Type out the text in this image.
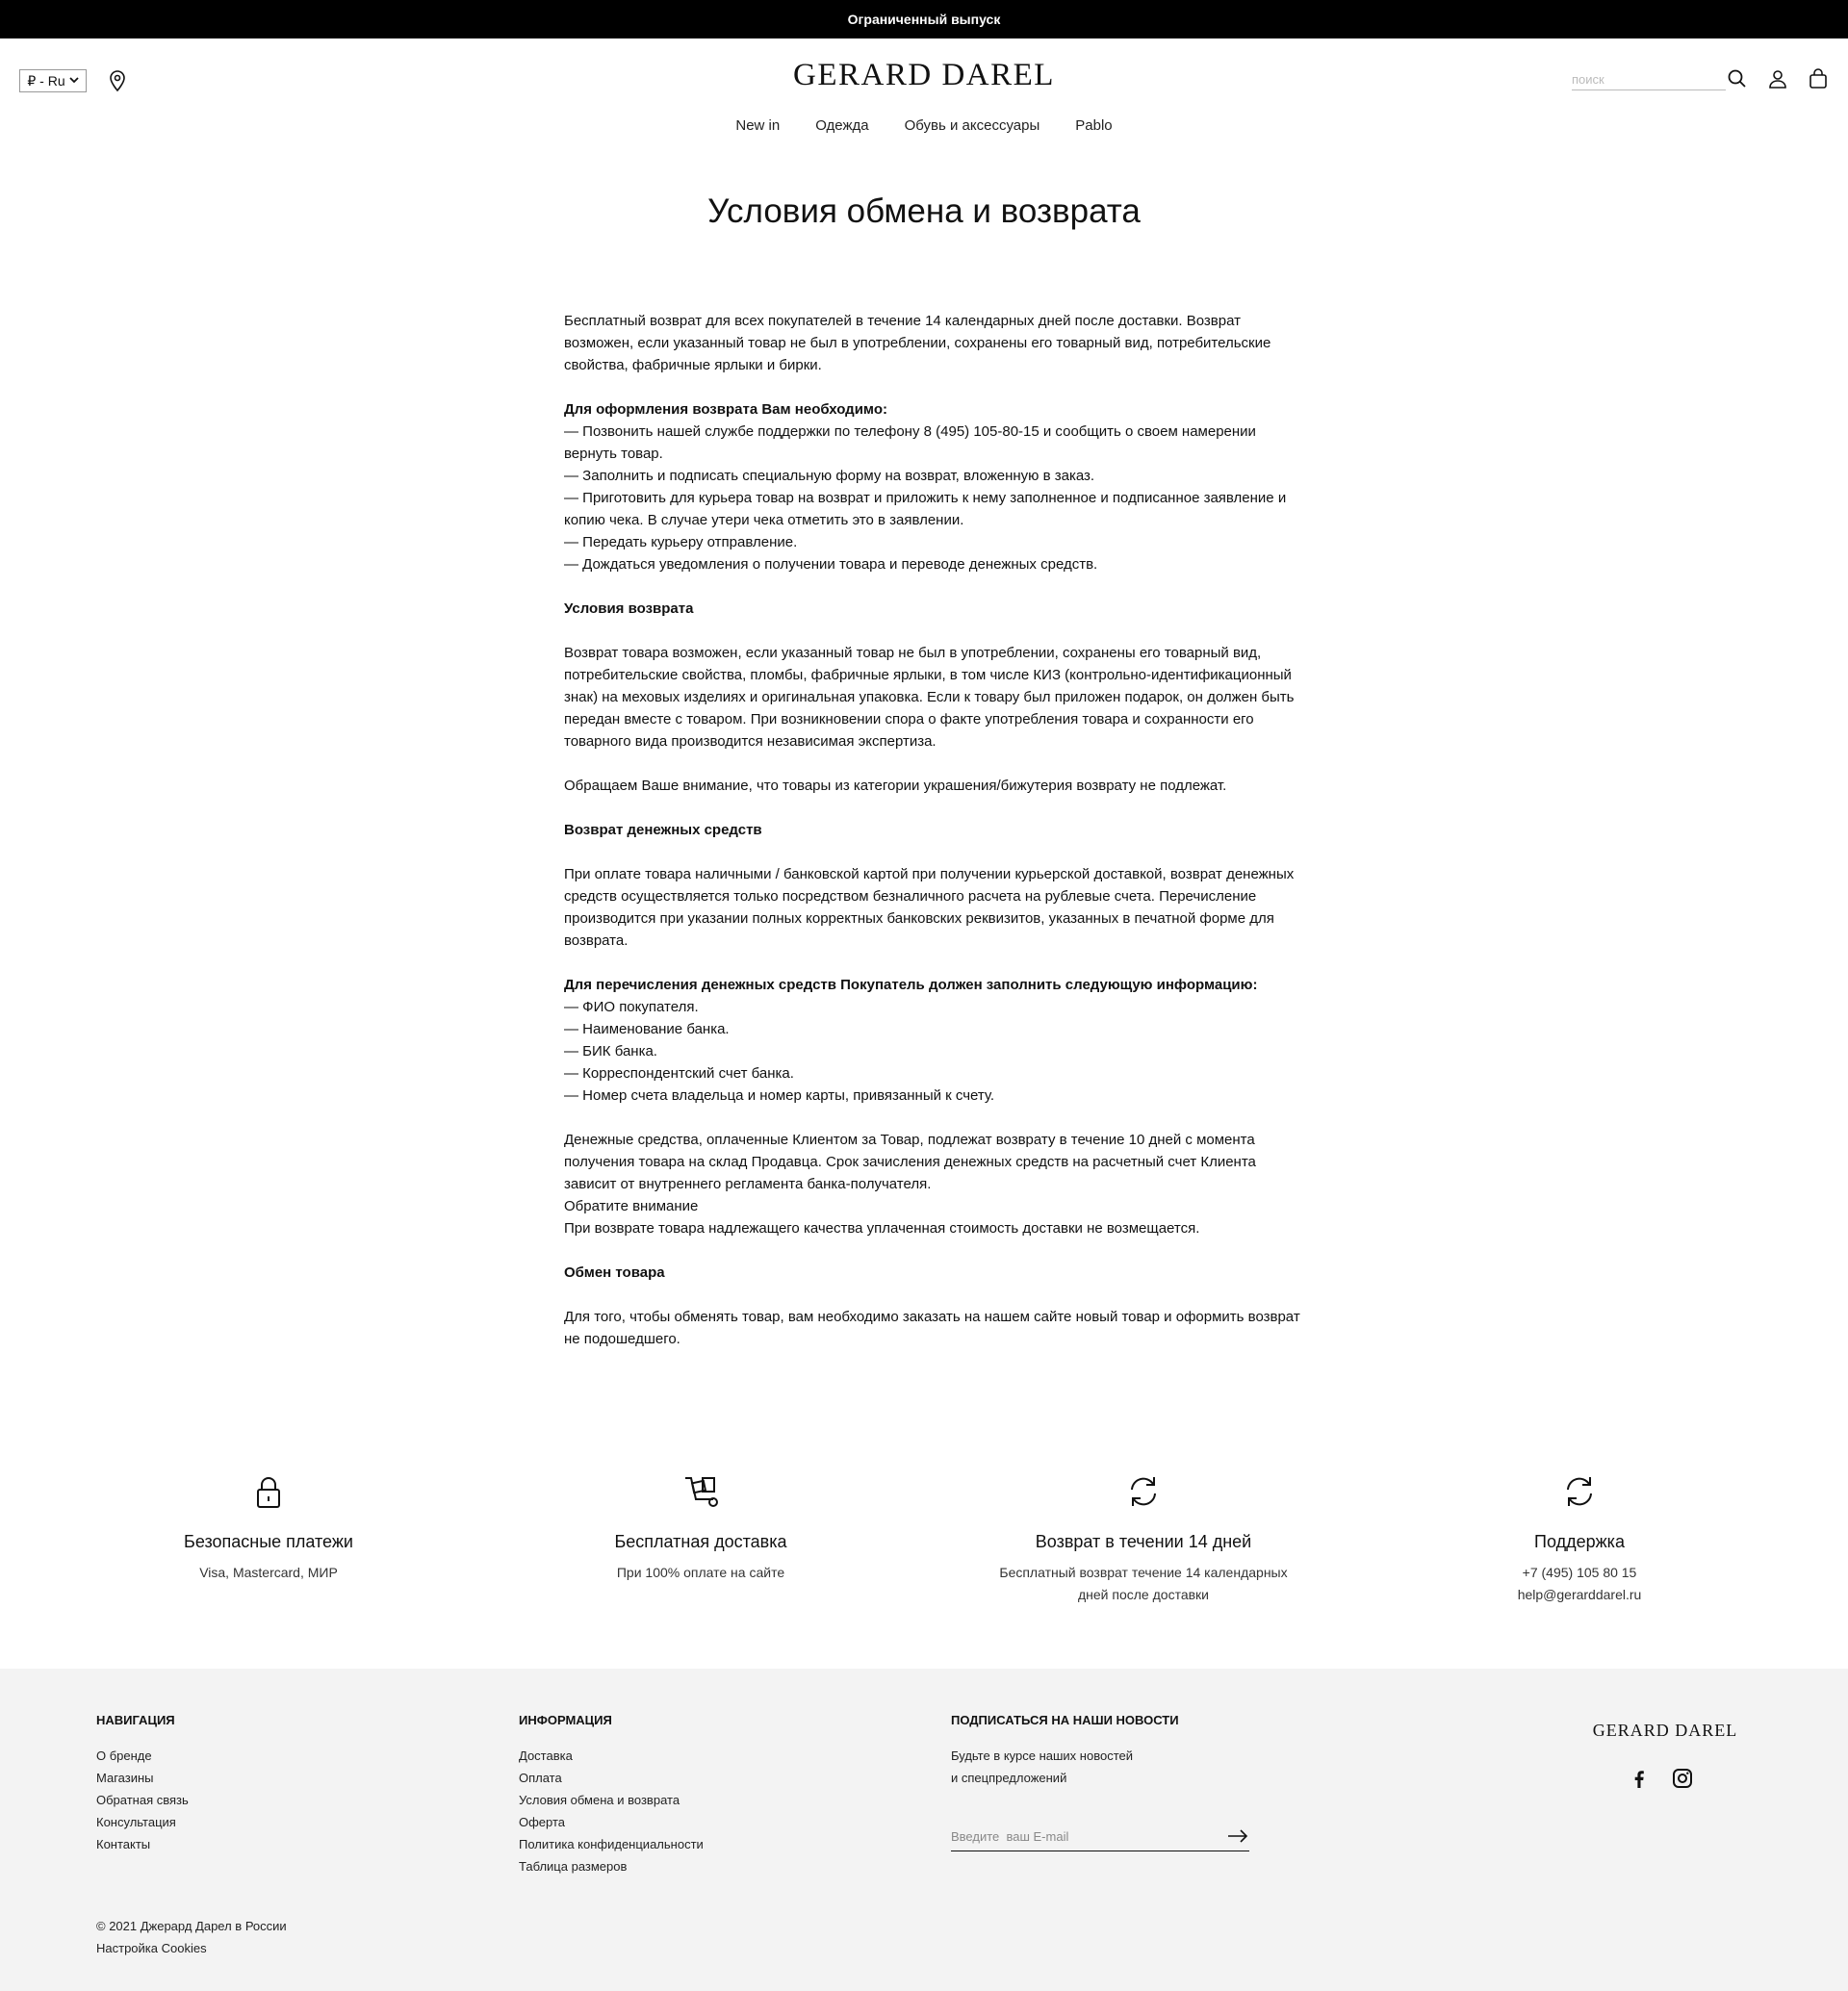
Ограниченный выпуск
₽ - Ru	GERARD DAREL
поиск
New in Одежда Обувь и аксессуары Pablo
Условия обмена и возврата

Бесплатный возврат для всех покупателей в течение 14 календарных дней после доставки. Возврат возможен, если указанный товар не был в употреблении, сохранены его товарный вид, потребительские свойства, фабричные ярлыки и бирки.

Для оформления возврата Вам необходимо:

— Позвонить нашей службе поддержки по телефону 8 (495) 105-80-15 и сообщить о своем намерении вернуть товар.

— Заполнить и подписать специальную форму на возврат, вложенную в заказ.

— Приготовить для курьера товар на возврат и приложить к нему заполненное и подписанное заявление и копию чека. В случае утери чека отметить это в заявлении.

— Передать курьеру отправление.

— Дождаться уведомления о получении товара и переводе денежных средств.

Условия возврата

Возврат товара возможен, если указанный товар не был в употреблении, сохранены его товарный вид, потребительские свойства, пломбы, фабричные ярлыки, в том числе КИЗ (контрольно-идентификационный знак) на меховых изделиях и оригинальная упаковка. Если к товару был приложен подарок, он должен быть передан вместе с товаром. При возникновении спора о факте употребления товара и сохранности его товарного вида производится независимая экспертиза.

Обращаем Ваше внимание, что товары из категории украшения/бижутерия возврату не подлежат.

Возврат денежных средств

При оплате товара наличными / банковской картой при получении курьерской доставкой, возврат денежных средств осуществляется только посредством безналичного расчета на рублевые счета. Перечисление производится при указании полных корректных банковских реквизитов, указанных в печатной форме для возврата.

Для перечисления денежных средств Покупатель должен заполнить следующую информацию:

— ФИО покупателя.

— Наименование банка.

— БИК банка.

— Корреспондентский счет банка.

— Номер счета владельца и номер карты, привязанный к счету.

Денежные средства, оплаченные Клиентом за Товар, подлежат возврату в течение 10 дней с момента получения товара на склад Продавца. Срок зачисления денежных средств на расчетный счет Клиента зависит от внутреннего регламента банка-получателя.

Обратите внимание

При возврате товара надлежащего качества уплаченная стоимость доставки не возмещается.

Обмен товара

Для того, чтобы обменять товар, вам необходимо заказать на нашем сайте новый товар и оформить возврат не подошедшего.

Безопасные платежи
Visa, Mastercard, МИР
Бесплатная доставка
При 100% оплате на сайте
Возврат в течении 14 дней
Бесплатный возврат течение 14 календарных дней после доставки
Поддержка
+7 (495) 105 80 15
help@gerarddarel.ru
НАВИГАЦИЯ
О бренде
Магазины
Обратная связь
Консультация
Контакты
ИНФОРМАЦИЯ
Доставка
Оплата
Условия обмена и возврата
Оферта
Политика конфиденциальности
Таблица размеров
ПОДПИСАТЬСЯ НА НАШИ НОВОСТИ
Будьте в курсе наших новостей
и спецпредложений
Введите ваш E-mail
GERARD DAREL
© 2021 Джерард Дарел в России
Настройка Cookies
